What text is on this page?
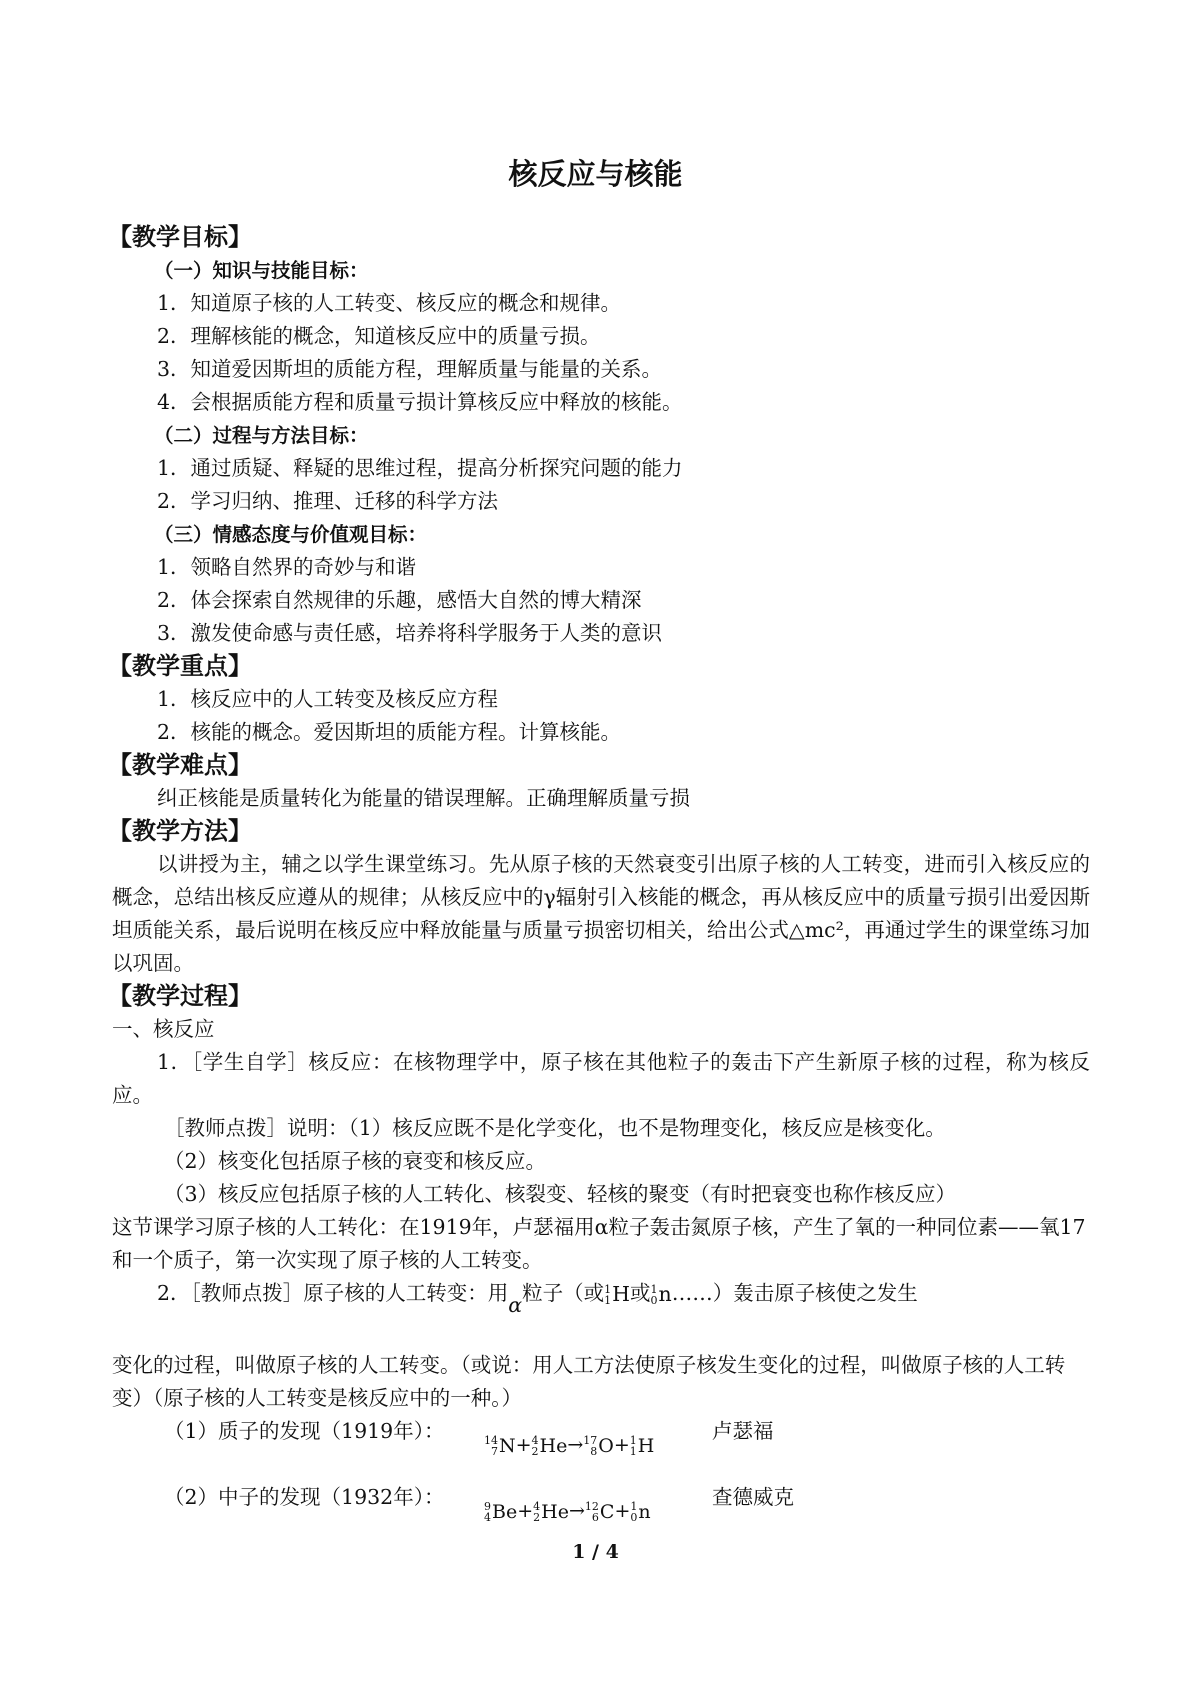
核反应与核能
【教学目标】
（一）知识与技能目标：
1．知道原子核的人工转变、核反应的概念和规律。
2．理解核能的概念，知道核反应中的质量亏损。
3．知道爱因斯坦的质能方程，理解质量与能量的关系。
4．会根据质能方程和质量亏损计算核反应中释放的核能。
（二）过程与方法目标：
1．通过质疑、释疑的思维过程，提高分析探究问题的能力
2．学习归纳、推理、迁移的科学方法
（三）情感态度与价值观目标：
1．领略自然界的奇妙与和谐
2．体会探索自然规律的乐趣，感悟大自然的博大精深
3．激发使命感与责任感，培养将科学服务于人类的意识
【教学重点】
1．核反应中的人工转变及核反应方程
2．核能的概念。爱因斯坦的质能方程。计算核能。
【教学难点】
纠正核能是质量转化为能量的错误理解。正确理解质量亏损
【教学方法】
以讲授为主，辅之以学生课堂练习。先从原子核的天然衰变引出原子核的人工转变，进而引入核反应的概念，总结出核反应遵从的规律；从核反应中的γ辐射引入核能的概念，再从核反应中的质量亏损引出爱因斯坦质能关系，最后说明在核反应中释放能量与质量亏损密切相关，给出公式△mc²，再通过学生的课堂练习加以巩固。
【教学过程】
一、核反应
1．［学生自学］核反应：在核物理学中，原子核在其他粒子的轰击下产生新原子核的过程，称为核反应。
［教师点拨］说明：（1）核反应既不是化学变化，也不是物理变化，核反应是核变化。
（2）核变化包括原子核的衰变和核反应。
（3）核反应包括原子核的人工转化、核裂变、轻核的聚变（有时把衰变也称作核反应）
这节课学习原子核的人工转化：在1919年，卢瑟福用α粒子轰击氮原子核，产生了氧的一种同位素——氧17和一个质子，第一次实现了原子核的人工转变。
2．［教师点拨］原子核的人工转变：用α粒子（或 1
1 H 或 1
0 n ……）轰击原子核使之发生
变化的过程，叫做原子核的人工转变。（或说：用人工方法使原子核发生变化的过程，叫做原子核的人工转变）（原子核的人工转变是核反应中的一种。）
（1）质子的发现（1919年）：	14
7 N + 4
2 He → 17
8 O + 1
1 H
卢瑟福
（2）中子的发现（1932年）：	9
4 Be + 4
2 He → 12
6 C + 1
0 n
查德威克
1 / 4
